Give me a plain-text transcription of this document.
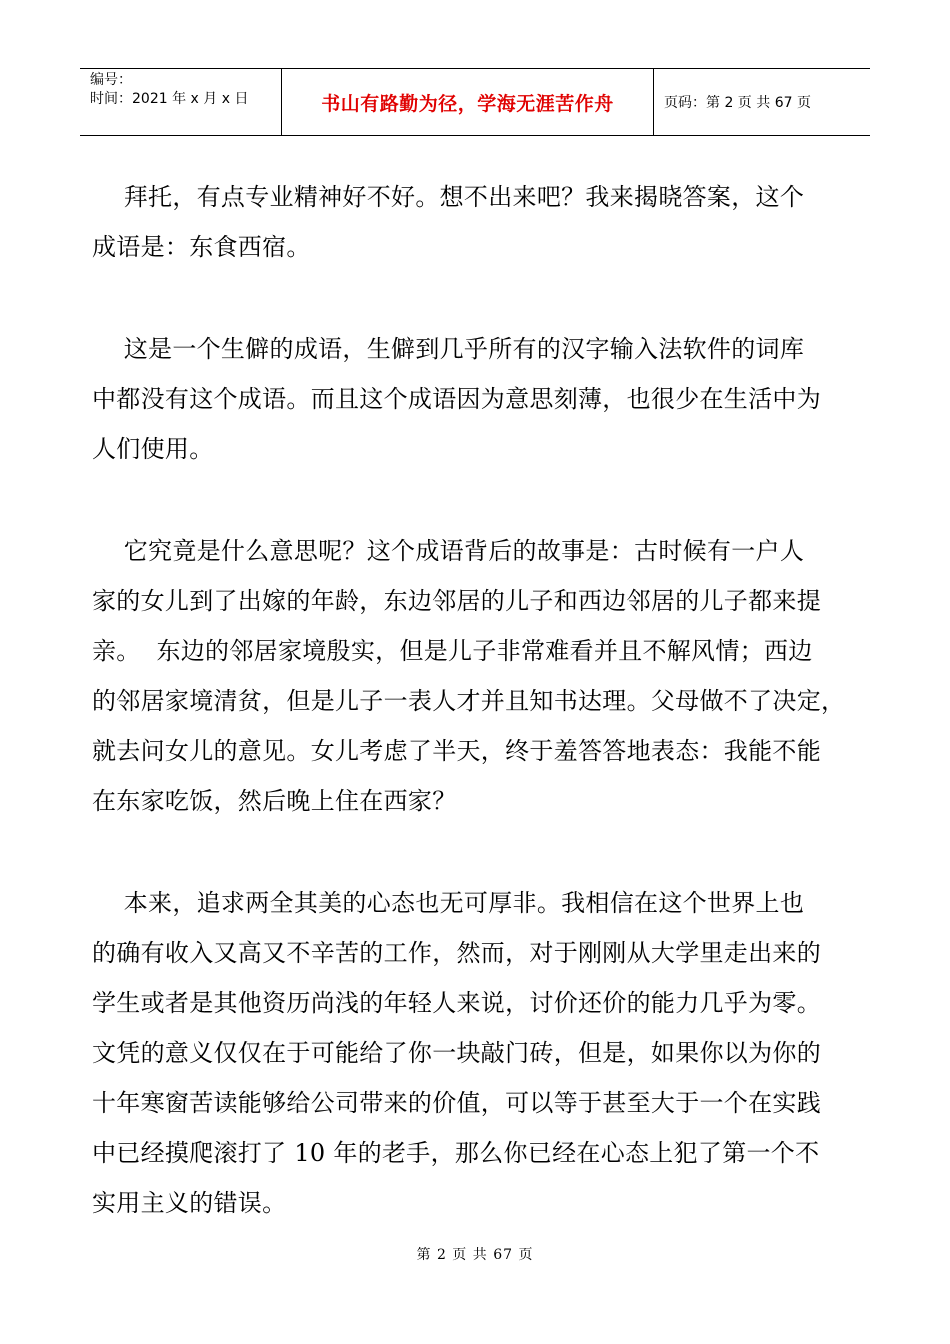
编号：
时间：2021 年 x 月 x 日	书山有路勤为径，学海无涯苦作舟	页码：第 2 页 共 67 页
拜托，有点专业精神好不好。想不出来吧？我来揭晓答案，这个
成语是：东食西宿。
这是一个生僻的成语，生僻到几乎所有的汉字输入法软件的词库
中都没有这个成语。而且这个成语因为意思刻薄，也很少在生活中为
人们使用。
它究竟是什么意思呢？这个成语背后的故事是：古时候有一户人
家的女儿到了出嫁的年龄，东边邻居的儿子和西边邻居的儿子都来提
亲。  东边的邻居家境殷实，但是儿子非常难看并且不解风情；西边
的邻居家境清贫，但是儿子一表人才并且知书达理。父母做不了决定，
就去问女儿的意见。女儿考虑了半天，终于羞答答地表态：我能不能
在东家吃饭，然后晚上住在西家？
本来，追求两全其美的心态也无可厚非。我相信在这个世界上也
的确有收入又高又不辛苦的工作，然而，对于刚刚从大学里走出来的
学生或者是其他资历尚浅的年轻人来说，讨价还价的能力几乎为零。
文凭的意义仅仅在于可能给了你一块敲门砖，但是，如果你以为你的
十年寒窗苦读能够给公司带来的价值，可以等于甚至大于一个在实践
中已经摸爬滚打了 10 年的老手，那么你已经在心态上犯了第一个不
实用主义的错误。
第 2 页 共 67 页
